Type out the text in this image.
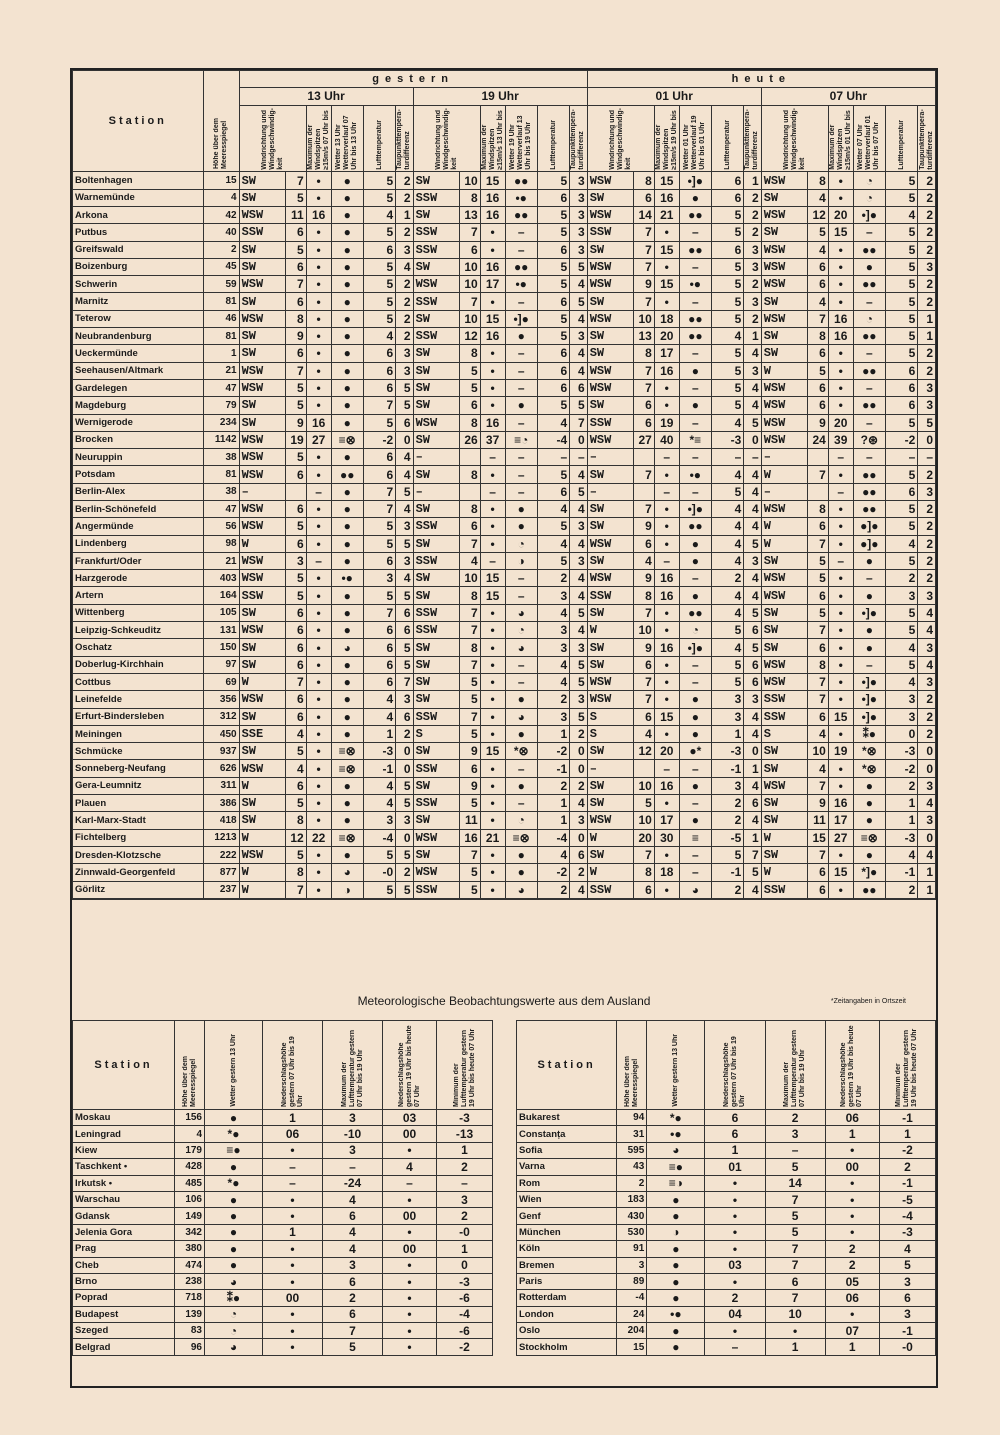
Station	Höhe über dem Meeresspiegel	gestern												heute											
		13 Uhr						19 Uhr						01 Uhr						07 Uhr					

		Windrichtung und Windgeschwindig-keit		Maximum der Windspitzen ≥15m/s 07 Uhr bis	Wetter 13 Uhr Wetterverlauf 07 Uhr bis 13 Uhr	Lufttemperatur	Taupunkttempera-turdifferenz	Windrichtung und Windgeschwindig-keit		Maximum der Windspitzen ≥15m/s 13 Uhr bis	Wetter 19 Uhr Wetterverlauf 13 Uhr bis 19 Uhr	Lufttemperatur	Taupunkttempera-turdifferenz	Windrichtung und Windgeschwindig-keit		Maximum der Windspitzen ≥15m/s 19 Uhr bis	Wetter 01 Uhr Wetterverlauf 19 Uhr bis 01 Uhr	Lufttemperatur	Taupunkttempera-turdifferenz	Windrichtung und Windgeschwindig-keit		Maximum der Windspitzen ≥15m/s 01 Uhr bis	Wetter 07 Uhr Wetterverlauf 01 Uhr bis 07 Uhr	Lufttemperatur	Taupunkttempera-turdifferenz

Boltenhagen	15	SW	7	•	●	5	2	SW	10	15	●●	5	3	WSW	8	15	•]●	6	1	WSW	8	•	◔	5	2
Warnemünde	4	SW	5	•	●	5	2	SSW	8	16	•●	6	3	SW	6	16	●	6	2	SW	4	•	◔	5	2
Arkona	42	WSW	11	16	●	4	1	SW	13	16	●●	5	3	WSW	14	21	●●	5	2	WSW	12	20	•]●	4	2
Putbus	40	SSW	6	•	●	5	2	SSW	7	•	–	5	3	SSW	7	•	–	5	2	SW	5	15	–	5	2
Greifswald	2	SW	5	•	●	6	3	SSW	6	•	–	6	3	SW	7	15	●●	6	3	WSW	4	•	●●	5	2
Boizenburg	45	SW	6	•	●	5	4	SW	10	16	●●	5	5	WSW	7	•	–	5	3	WSW	6	•	●	5	3
Schwerin	59	WSW	7	•	●	5	2	WSW	10	17	•●	5	4	WSW	9	15	•●	5	2	WSW	6	•	●●	5	2
Marnitz	81	SW	6	•	●	5	2	SSW	7	•	–	6	5	SW	7	•	–	5	3	SW	4	•	–	5	2
Teterow	46	WSW	8	•	●	5	2	SW	10	15	•]●	5	4	WSW	10	18	●●	5	2	WSW	7	16	◔	5	1
Neubrandenburg	81	SW	9	•	●	4	2	SSW	12	16	●	5	3	SW	13	20	●●	4	1	SW	8	16	●●	5	1
Ueckermünde	1	SW	6	•	●	6	3	SW	8	•	–	6	4	SW	8	17	–	5	4	SW	6	•	–	5	2
Seehausen/Altmark	21	WSW	7	•	●	6	3	SW	5	•	–	6	4	WSW	7	16	●	5	3	W	5	•	●●	6	2
Gardelegen	47	WSW	5	•	●	6	5	SW	5	•	–	6	6	WSW	7	•	–	5	4	WSW	6	•	–	6	3
Magdeburg	79	SW	5	•	●	7	5	SW	6	•	●	5	5	SW	6	•	●	5	4	WSW	6	•	●●	6	3
Wernigerode	234	SW	9	16	●	5	6	WSW	8	16	–	4	7	SSW	6	19	–	4	5	WSW	9	20	–	5	5
Brocken	1142	WSW	19	27	≡⊗	-2	0	SW	26	37	≡◔	-4	0	WSW	27	40	*≡	-3	0	WSW	24	39	?⊛	-2	0
Neuruppin	38	WSW	5	•	●	6	4	–		–	–	–	–	–		–	–	–	–	–		–	–	–	–
Potsdam	81	WSW	6	•	●●	6	4	SW	8	•	–	5	4	SW	7	•	•●	4	4	W	7	•	●●	5	2
Berlin-Alex	38	–		–	●	7	5	–		–	–	6	5	–		–	–	5	4	–		–	●●	6	3
Berlin-Schönefeld	47	WSW	6	•	●	7	4	SW	8	•	●	4	4	SW	7	•	•]●	4	4	WSW	8	•	●●	5	2
Angermünde	56	WSW	5	•	●	5	3	SSW	6	•	●	5	3	SW	9	•	●●	4	4	W	6	•	●]●	5	2
Lindenberg	98	W	6	•	●	5	5	SW	7	•	◔	4	4	WSW	6	•	●	4	5	W	7	•	●]●	4	2
Frankfurt/Oder	21	WSW	3	–	●	6	3	SSW	4	–	◑	5	3	SW	4	–	●	4	3	SW	5	–	●	5	2
Harzgerode	403	WSW	5	•	•●	3	4	SW	10	15	–	2	4	WSW	9	16	–	2	4	WSW	5	•	–	2	2
Artern	164	SSW	5	•	●	5	5	SW	8	15	–	3	4	SSW	8	16	●	4	4	WSW	6	•	●	3	3
Wittenberg	105	SW	6	•	●	7	6	SSW	7	•	◕	4	5	SW	7	•	●●	4	5	SW	5	•	•]●	5	4
Leipzig-Schkeuditz	131	WSW	6	•	●	6	6	SSW	7	•	◔	3	4	W	10	•	◔	5	6	SW	7	•	●	5	4
Oschatz	150	SW	6	•	◕	6	5	SW	8	•	◕	3	3	SW	9	16	•]●	4	5	SW	6	•	●	4	3
Doberlug-Kirchhain	97	SW	6	•	●	6	5	SW	7	•	–	4	5	SW	6	•	–	5	6	WSW	8	•	–	5	4
Cottbus	69	W	7	•	●	6	7	SW	5	•	–	4	5	WSW	7	•	–	5	6	WSW	7	•	•]●	4	3
Leinefelde	356	WSW	6	•	●	4	3	SW	5	•	●	2	3	WSW	7	•	●	3	3	SSW	7	•	•]●	3	2
Erfurt-Bindersleben	312	SW	6	•	●	4	6	SSW	7	•	◕	3	5	S	6	15	●	3	4	SSW	6	15	•]●	3	2
Meiningen	450	SSE	4	•	●	1	2	S	5	•	●	1	2	S	4	•	●	1	4	S	4	•	⁑●	0	2
Schmücke	937	SW	5	•	≡⊗	-3	0	SW	9	15	*⊗	-2	0	SW	12	20	●*	-3	0	SW	10	19	*⊗	-3	0
Sonneberg-Neufang	626	WSW	4	•	≡⊗	-1	0	SSW	6	•	–	-1	0	–		–	–	-1	1	SW	4	•	*⊗	-2	0
Gera-Leumnitz	311	W	6	•	●	4	5	SW	9	•	●	2	2	SW	10	16	●	3	4	WSW	7	•	●	2	3
Plauen	386	SW	5	•	●	4	5	SSW	5	•	–	1	4	SW	5	•	–	2	6	SW	9	16	●	1	4
Karl-Marx-Stadt	418	SW	8	•	●	3	3	SW	11	•	◔	1	3	WSW	10	17	●	2	4	SW	11	17	●	1	3
Fichtelberg	1213	W	12	22	≡⊗	-4	0	WSW	16	21	≡⊗	-4	0	W	20	30	≡	-5	1	W	15	27	≡⊗	-3	0
Dresden-Klotzsche	222	WSW	5	•	●	5	5	SW	7	•	●	4	6	SW	7	•	–	5	7	SW	7	•	●	4	4
Zinnwald-Georgenfeld	877	W	8	•	◕	-0	2	WSW	5	•	●	-2	2	W	8	18	–	-1	5	W	6	15	*]●	-1	1
Görlitz	237	W	7	•	◑	5	5	SSW	5	•	◕	2	4	SSW	6	•	◕	2	4	SSW	6	•	●●	2	1
Meteorologische Beobachtungswerte aus dem Ausland	*Zeitangaben in Ortszeit
Station	Höhe über dem Meeresspiegel	Wetter gestern 13 Uhr	Niederschlagshöhe gestern 07 Uhr bis 19 Uhr	Maximum der Lufttemperatur gestern 07 Uhr bis 19 Uhr	Niederschlagshöhe gestern 19 Uhr bis heute 07 Uhr	Minimum der Lufttemperatur gestern 19 Uhr bis heute 07 Uhr

Moskau	156	●	1	3	03	-3
Leningrad	4	*●	06	-10	00	-13
Kiew	179	≡●	•	3	•	1
Taschkent •	428	●	–	–	4	2
Irkutsk •	485	*●	–	-24	–	–
Warschau	106	●	•	4	•	3
Gdansk	149	●	•	6	00	2
Jelenia Gora	342	●	1	4	•	-0
Prag	380	●	•	4	00	1
Cheb	474	●	•	3	•	0
Brno	238	◕	•	6	•	-3
Poprad	718	⁑●	00	2	•	-6
Budapest	139	◔	•	6	•	-4
Szeged	83	◔	•	7	•	-6
Belgrad	96	◕	•	5	•	-2
Station	Höhe über dem Meeresspiegel	Wetter gestern 13 Uhr	Niederschlagshöhe gestern 07 Uhr bis 19 Uhr	Maximum der Lufttemperatur gestern 07 Uhr bis 19 Uhr	Niederschlagshöhe gestern 19 Uhr bis heute 07 Uhr	Minimum der Lufttemperatur gestern 19 Uhr bis heute 07 Uhr

Bukarest	94	*●	6	2	06	-1
Constanța	31	•●	6	3	1	1
Sofia	595	◕	1	–	•	-2
Varna	43	≡●	01	5	00	2
Rom	2	≡◑	•	14	•	-1
Wien	183	●	•	7	•	-5
Genf	430	●	•	5	•	-4
München	530	◑	•	5	•	-3
Köln	91	●	•	7	2	4
Bremen	3	●	03	7	2	5
Paris	89	●	•	6	05	3
Rotterdam	-4	●	2	7	06	6
London	24	•●	04	10	•	3
Oslo	204	●	•	•	07	-1
Stockholm	15	●	–	1	1	-0
